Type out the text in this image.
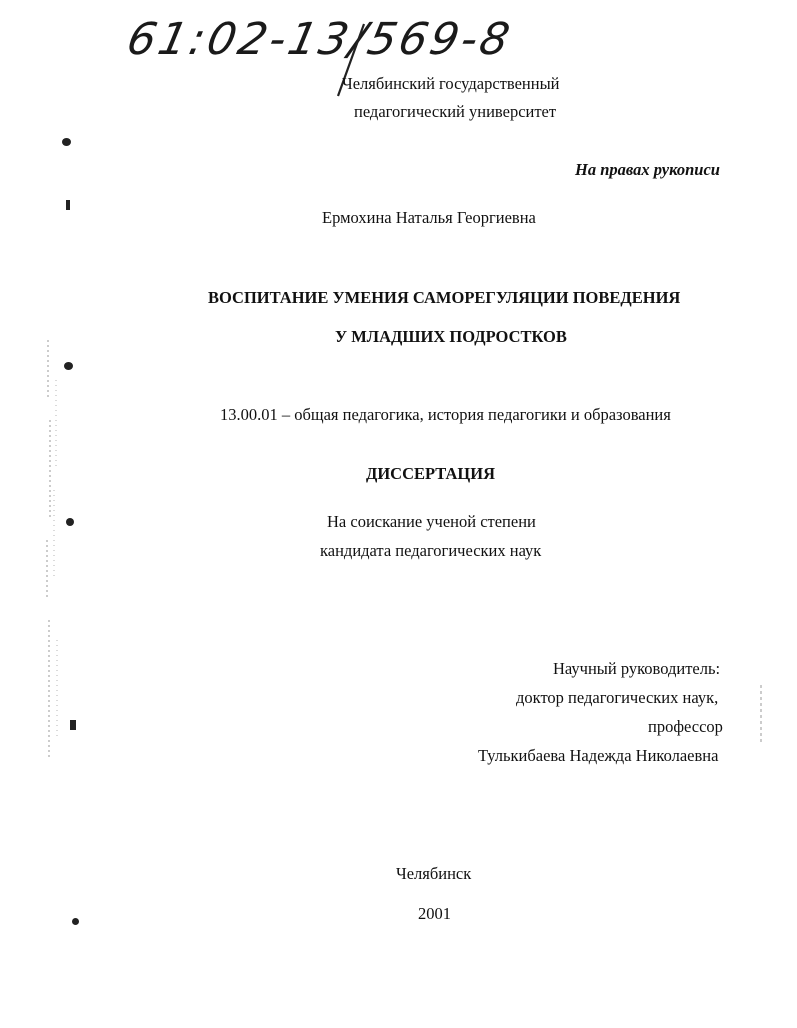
61:02-13/569-8
Челябинский государственный
педагогический университет
На правах рукописи
Ермохина Наталья Георгиевна
ВОСПИТАНИЕ УМЕНИЯ САМОРЕГУЛЯЦИИ ПОВЕДЕНИЯ
У МЛАДШИХ ПОДРОСТКОВ
13.00.01 – общая педагогика, история педагогики и образования
ДИССЕРТАЦИЯ
На соискание ученой степени
кандидата педагогических наук
Научный руководитель:
доктор педагогических наук,
профессор
Тулькибаева Надежда Николаевна
Челябинск
2001
